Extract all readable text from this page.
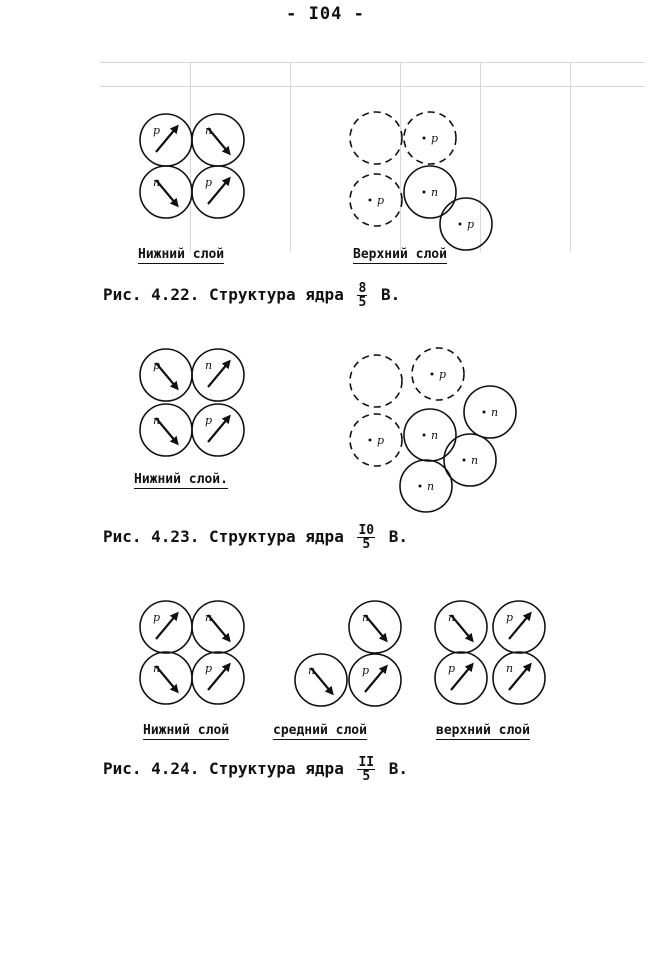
- I04 -
р	n
n	р
р
р
n
р
р	n
n	р
р
n
р	n
n
n
р	n
n	р
n
n	р
n	р
р	n
Нижний слой	Верхний слой
Рис. 4.22. Структура ядра $\frac{8}{5} В$.
Нижний слой.
Рис. 4.23. Структура ядра $\frac{I0}{5} В$.
Нижний слой	средний слой	верхний слой
Рис. 4.24. Структура ядра $\frac{II}{5} В$.
